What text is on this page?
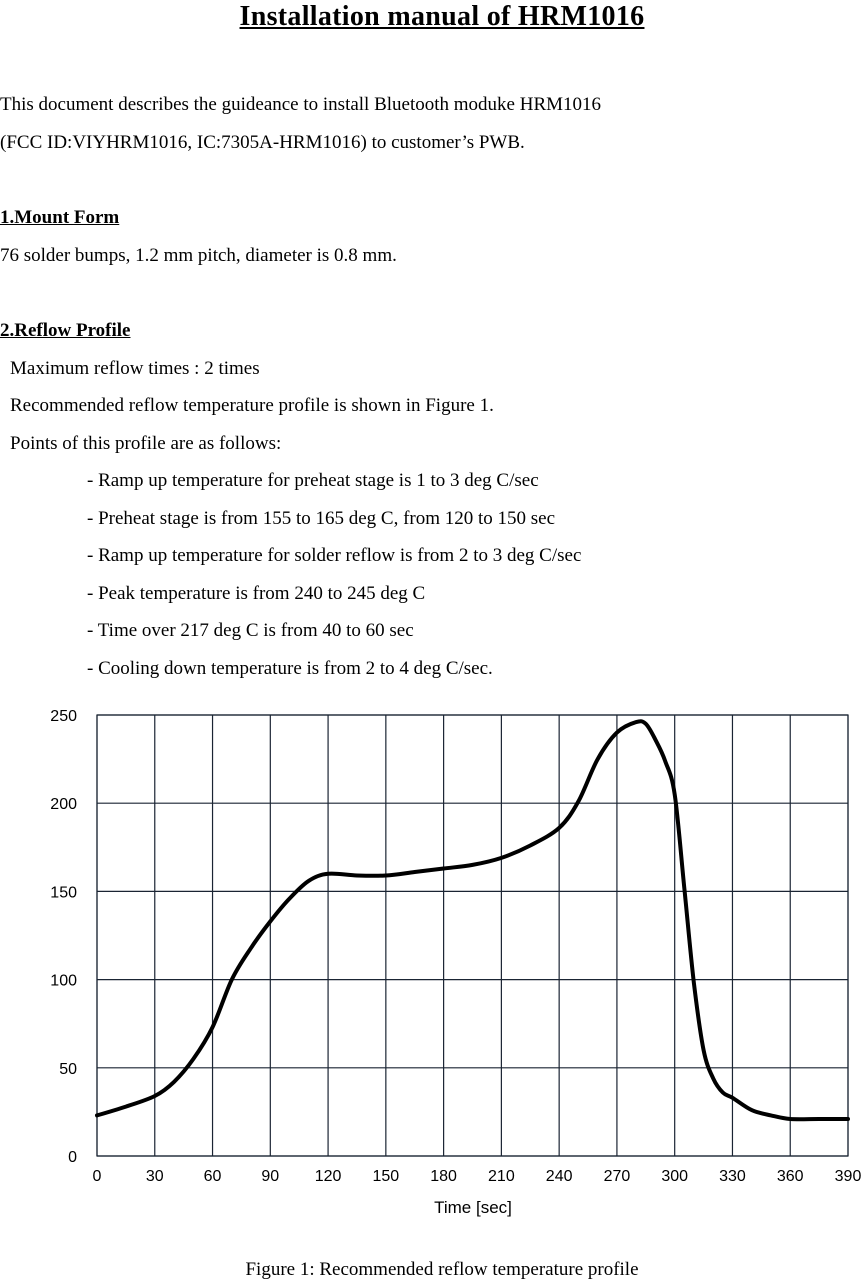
Installation manual of HRM1016
This document describes the guideance to install Bluetooth moduke HRM1016
(FCC ID:VIYHRM1016, IC:7305A-HRM1016) to customer’s PWB.
1.Mount Form
76 solder bumps, 1.2 mm pitch, diameter is 0.8 mm.
2.Reflow Profile
Maximum reflow times : 2 times
Recommended reflow temperature profile is shown in Figure 1.
Points of this profile are as follows:
- Ramp up temperature for preheat stage is 1 to 3 deg C/sec
- Preheat stage is from 155 to 165 deg C, from 120 to 150 sec
- Ramp up temperature for solder reflow is from 2 to 3 deg C/sec
- Peak temperature is from 240 to 245 deg C
- Time over 217 deg C is from 40 to 60 sec
- Cooling down temperature is from 2 to 4 deg C/sec.
0	30 60 90 120 150 180 210 240 270 300 330 360 390
0
50
100
150
200
250
Time [sec]
Figure 1: Recommended reflow temperature profile
